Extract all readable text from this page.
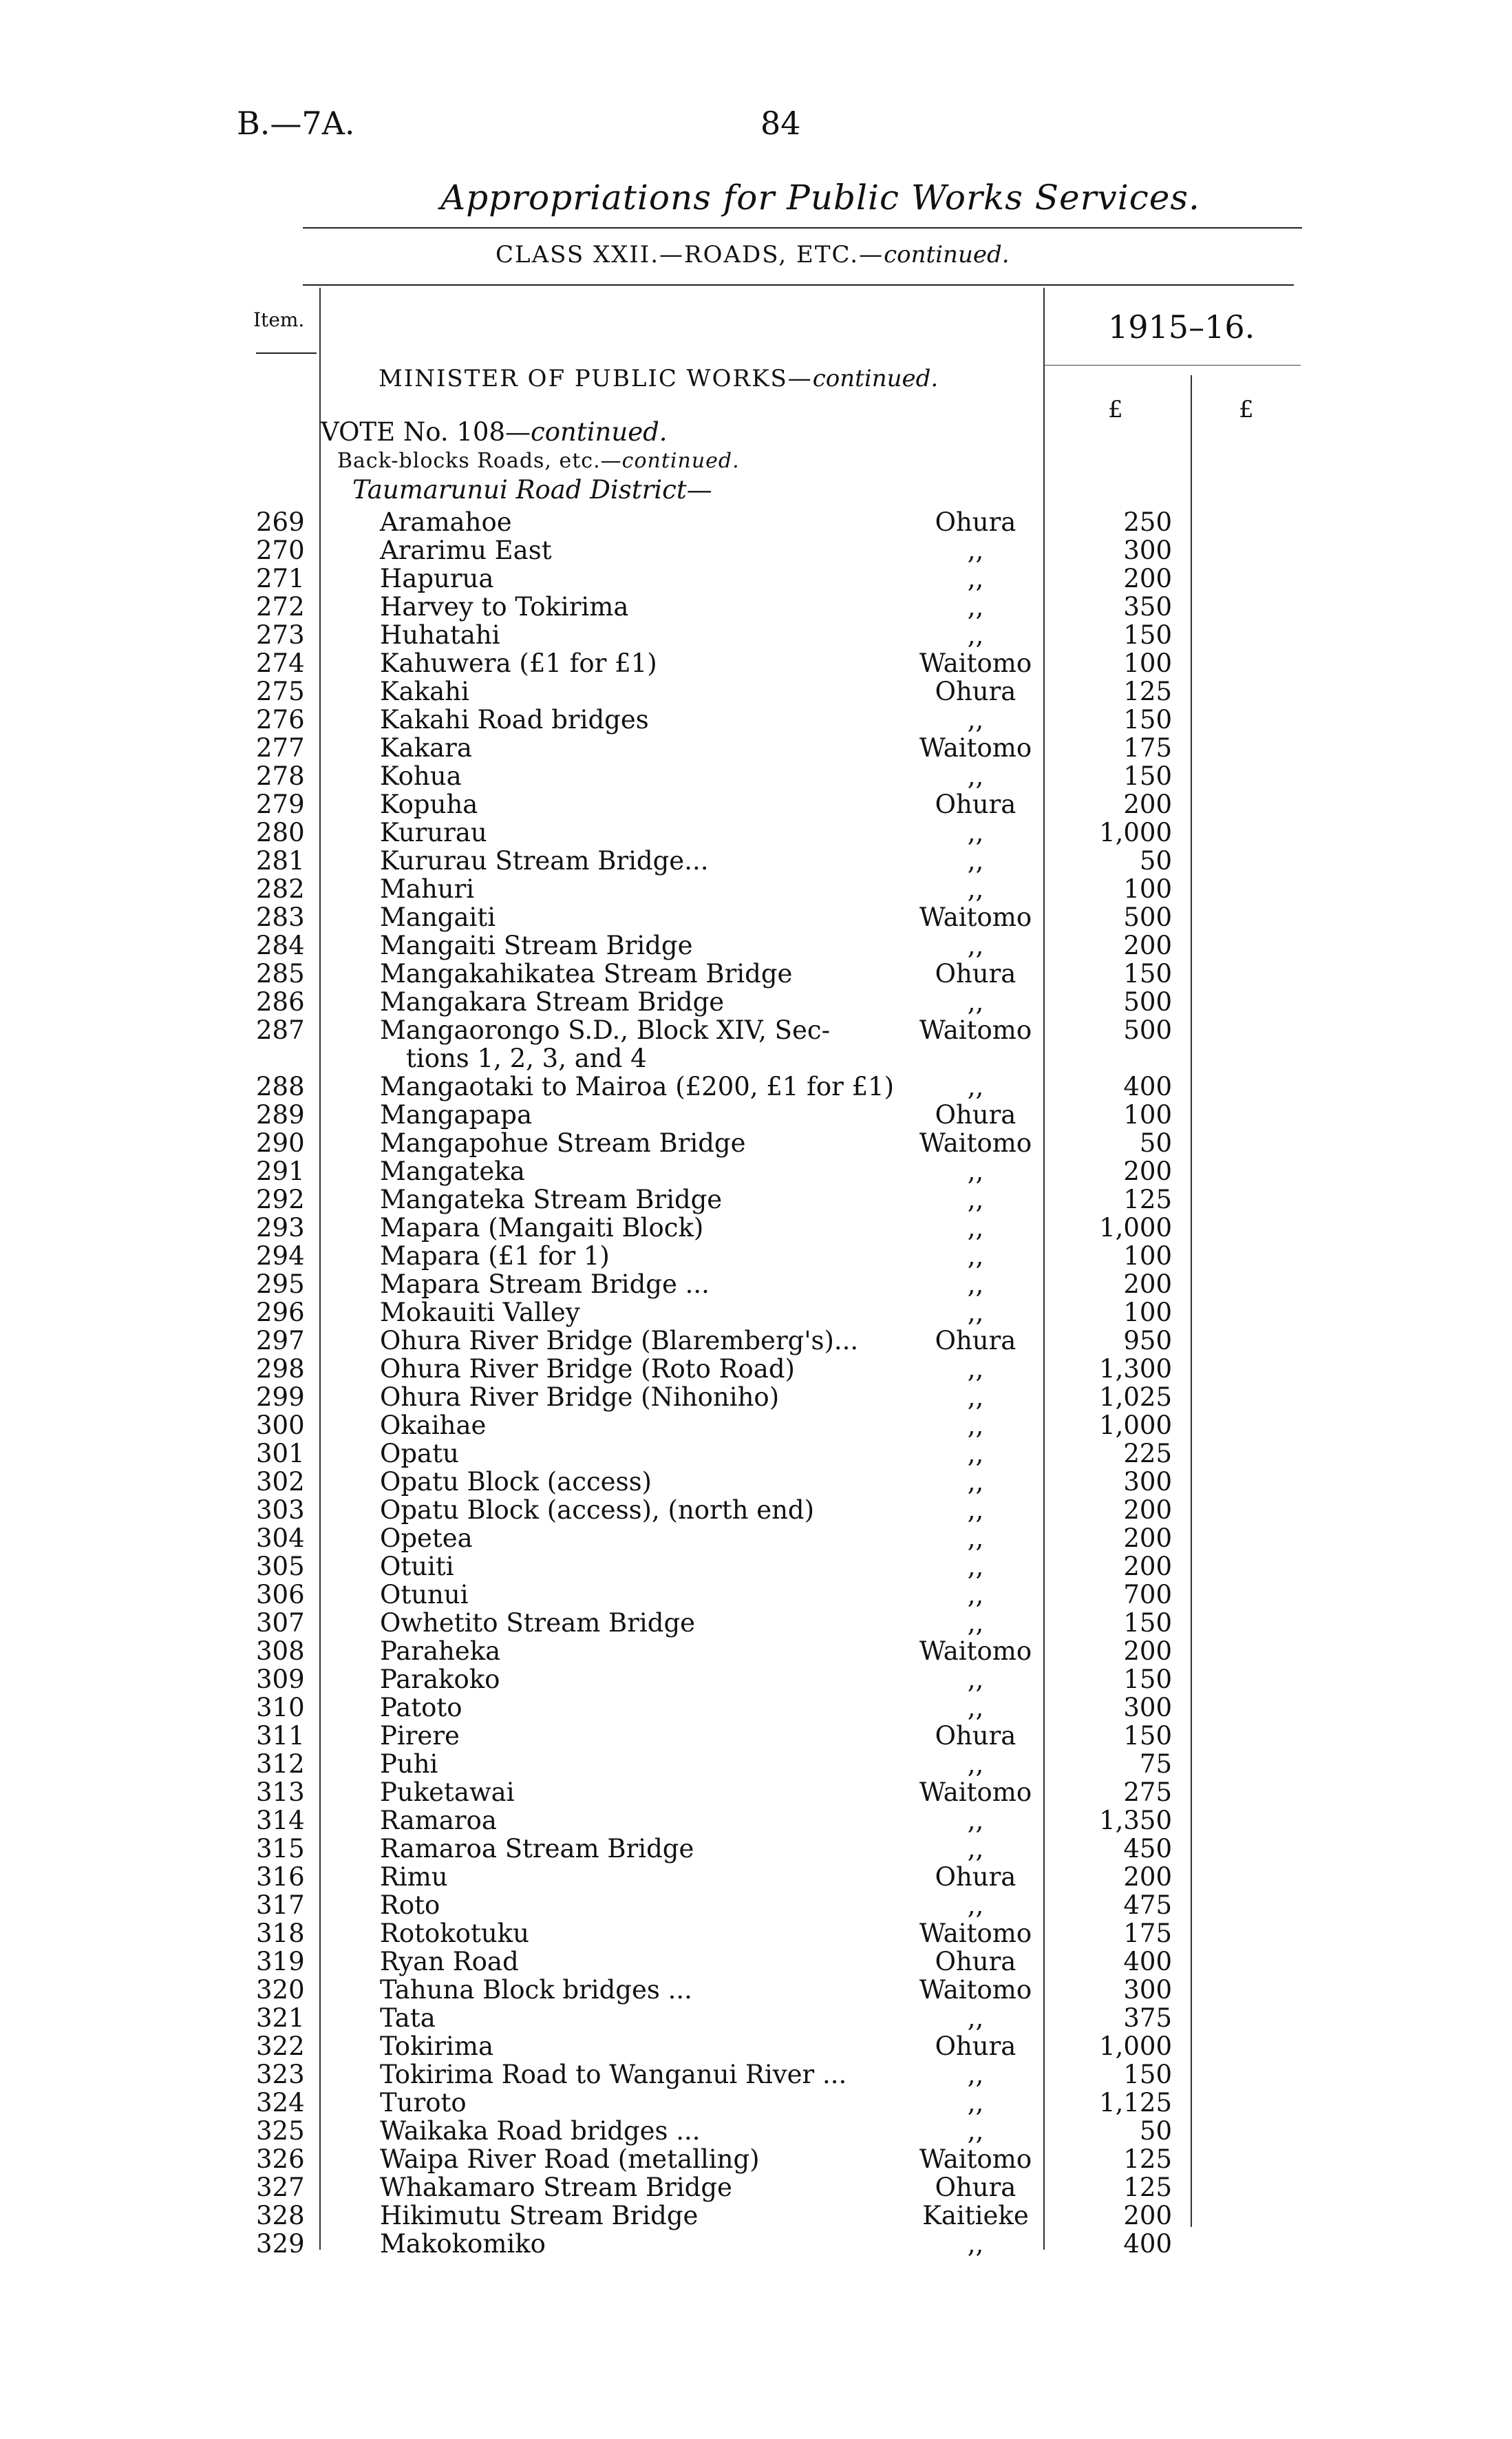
B.—7A.	84
Appropriations for Public Works Services.
CLASS XXII.—ROADS, ETC.—continued.
Item.	1915–16.
MINISTER OF PUBLIC WORKS—continued.
£	£
VOTE No. 108—continued.
Back-blocks Roads, etc.—continued.
Taumarunui Road District—
269	Aramahoe	Ohura	250
270	Ararimu East	,,	300
271	Hapurua	,,	200
272	Harvey to Tokirima	,,	350
273	Huhatahi	,,	150
274	Kahuwera (£1 for £1)	Waitomo	100
275	Kakahi	Ohura	125
276	Kakahi Road bridges	,,	150
277	Kakara	Waitomo	175
278	Kohua	,,	150
279	Kopuha	Ohura	200
280	Kururau	,,	1,000
281	Kururau Stream Bridge...	,,	50
282	Mahuri	,,	100
283	Mangaiti	Waitomo	500
284	Mangaiti Stream Bridge	,,	200
285	Mangakahikatea Stream Bridge	Ohura	150
286	Mangakara Stream Bridge	,,	500
287	Mangaorongo S.D., Block XIV, Sec-
tions 1, 2, 3, and 4
Waitomo	500
288	Mangaotaki to Mairoa (£200, £1 for £1)	,,	400
289	Mangapapa	Ohura	100
290	Mangapohue Stream Bridge	Waitomo	50
291	Mangateka	,,	200
292	Mangateka Stream Bridge	,,	125
293	Mapara (Mangaiti Block)	,,	1,000
294	Mapara (£1 for 1)	,,	100
295	Mapara Stream Bridge ...	,,	200
296	Mokauiti Valley	,,	100
297	Ohura River Bridge (Blaremberg's)...	Ohura	950
298	Ohura River Bridge (Roto Road)	,,	1,300
299	Ohura River Bridge (Nihoniho)	,,	1,025
300	Okaihae	,,	1,000
301	Opatu	,,	225
302	Opatu Block (access)	,,	300
303	Opatu Block (access), (north end)	,,	200
304	Opetea	,,	200
305	Otuiti	,,	200
306	Otunui	,,	700
307	Owhetito Stream Bridge	,,	150
308	Paraheka	Waitomo	200
309	Parakoko	,,	150
310	Patoto	,,	300
311	Pirere	Ohura	150
312	Puhi	,,	75
313	Puketawai	Waitomo	275
314	Ramaroa	,,	1,350
315	Ramaroa Stream Bridge	,,	450
316	Rimu	Ohura	200
317	Roto	,,	475
318	Rotokotuku	Waitomo	175
319	Ryan Road	Ohura	400
320	Tahuna Block bridges ...	Waitomo	300
321	Tata	,,	375
322	Tokirima	Ohura	1,000
323	Tokirima Road to Wanganui River ...	,,	150
324	Turoto	,,	1,125
325	Waikaka Road bridges ...	,,	50
326	Waipa River Road (metalling)	Waitomo	125
327	Whakamaro Stream Bridge	Ohura	125
328	Hikimutu Stream Bridge	Kaitieke	200
329	Makokomiko	,,	400
